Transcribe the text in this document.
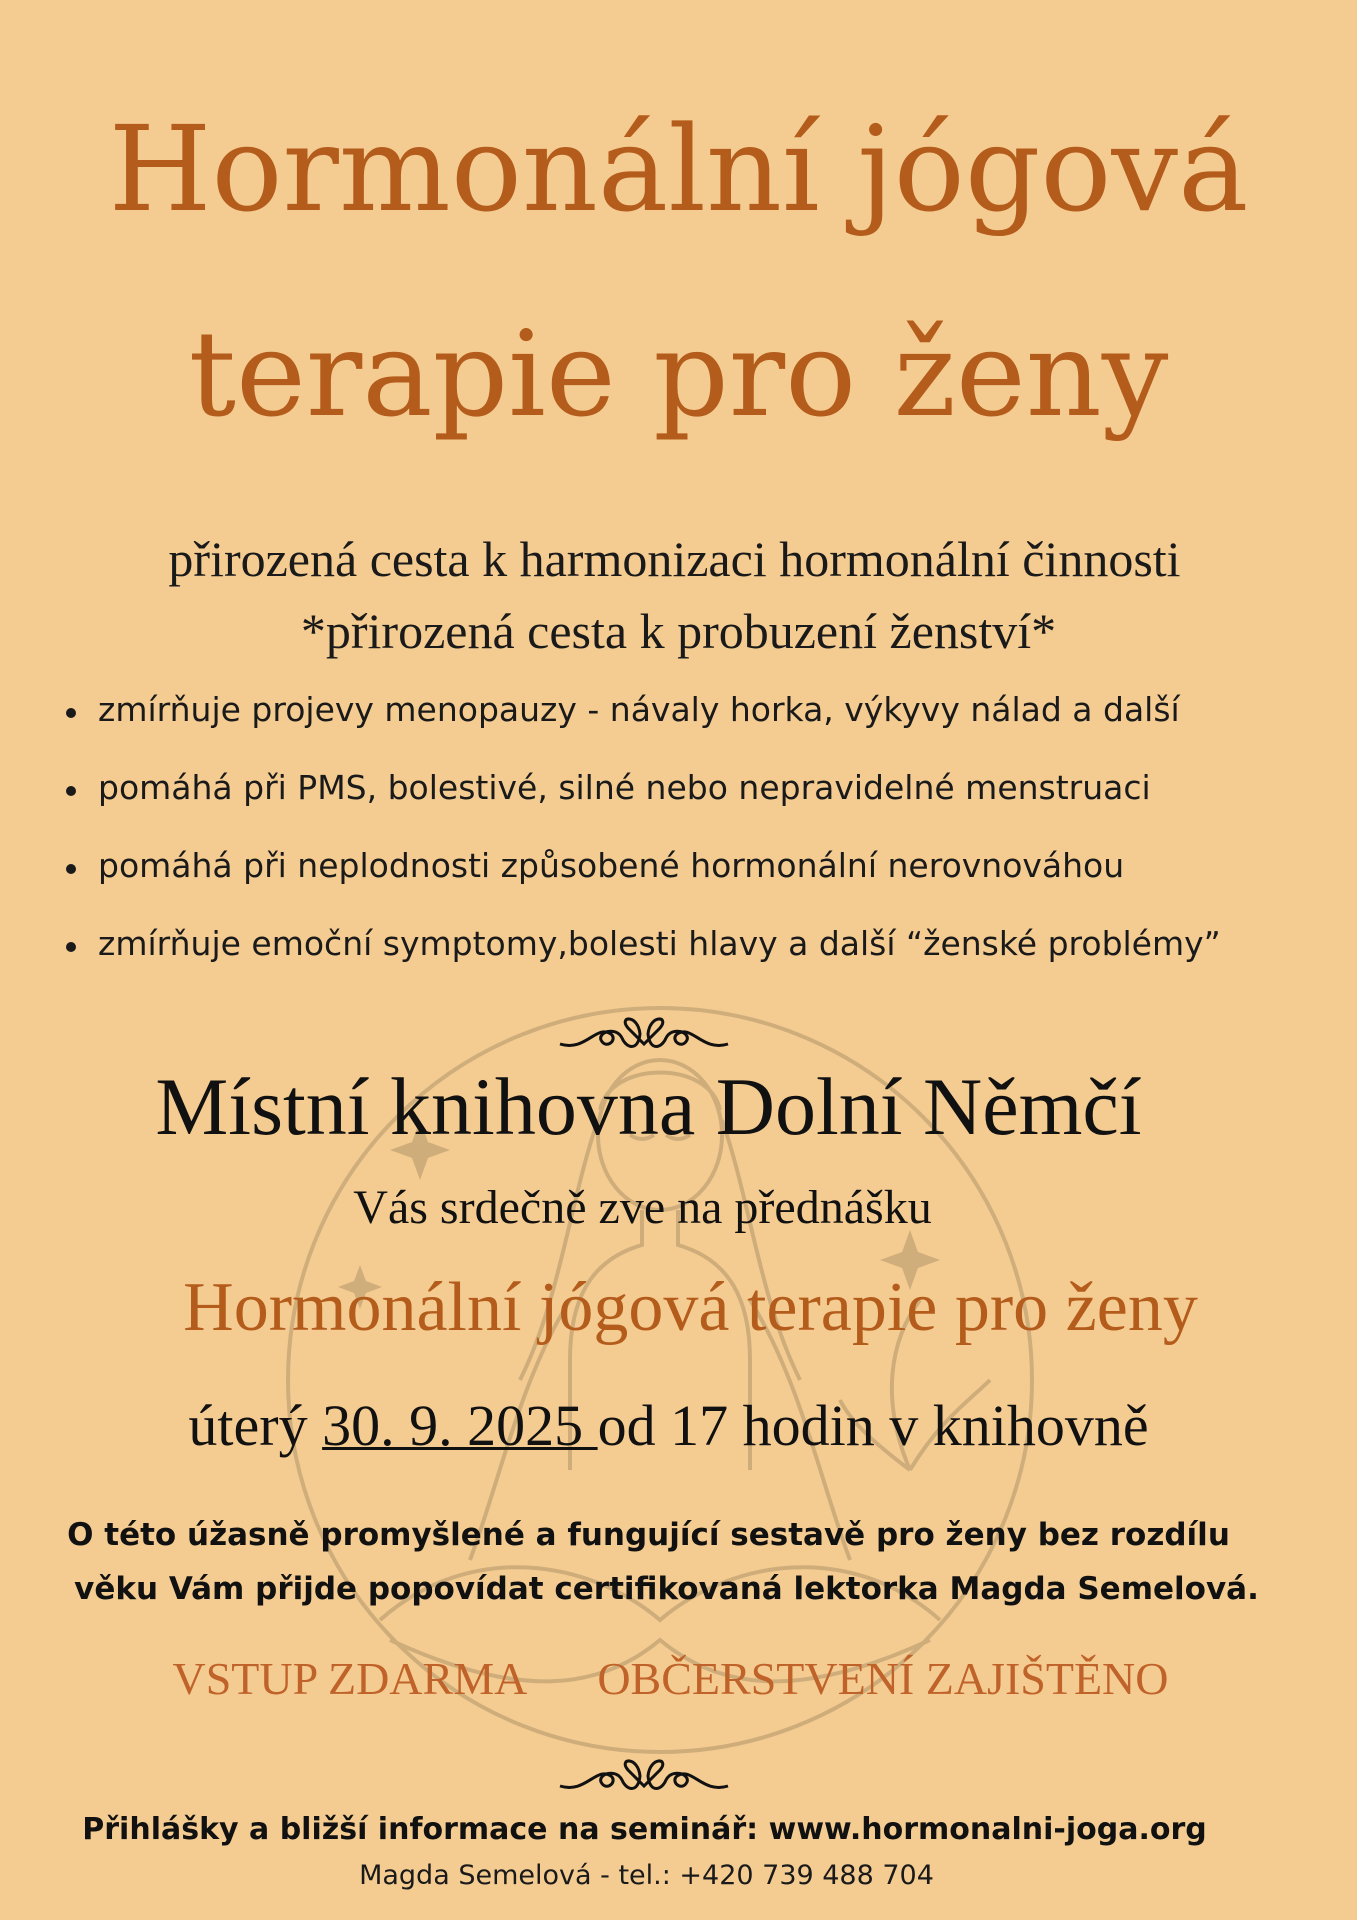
Hormonální jógová
terapie pro ženy
přirozená cesta k harmonizaci hormonální činnosti
*přirozená cesta k probuzení ženství*
zmírňuje projevy menopauzy - návaly horka, výkyvy nálad a další
pomáhá při PMS, bolestivé, silné nebo nepravidelné menstruaci
pomáhá při neplodnosti způsobené hormonální nerovnováhou
zmírňuje emoční symptomy,bolesti hlavy a další “ženské problémy”
Místní knihovna Dolní Němčí
Vás srdečně zve na přednášku
Hormonální jógová terapie pro ženy
úterý 30. 9. 2025 od 17 hodin v knihovně
O této úžasně promyšlené a fungující sestavě pro ženy bez rozdílu
věku Vám přijde popovídat certifikovaná lektorka Magda Semelová.
VSTUP ZDARMA OBČERSTVENÍ ZAJIŠTĚNO
Přihlášky a bližší informace na seminář: www.hormonalni-joga.org
Magda Semelová - tel.: +420 739 488 704
